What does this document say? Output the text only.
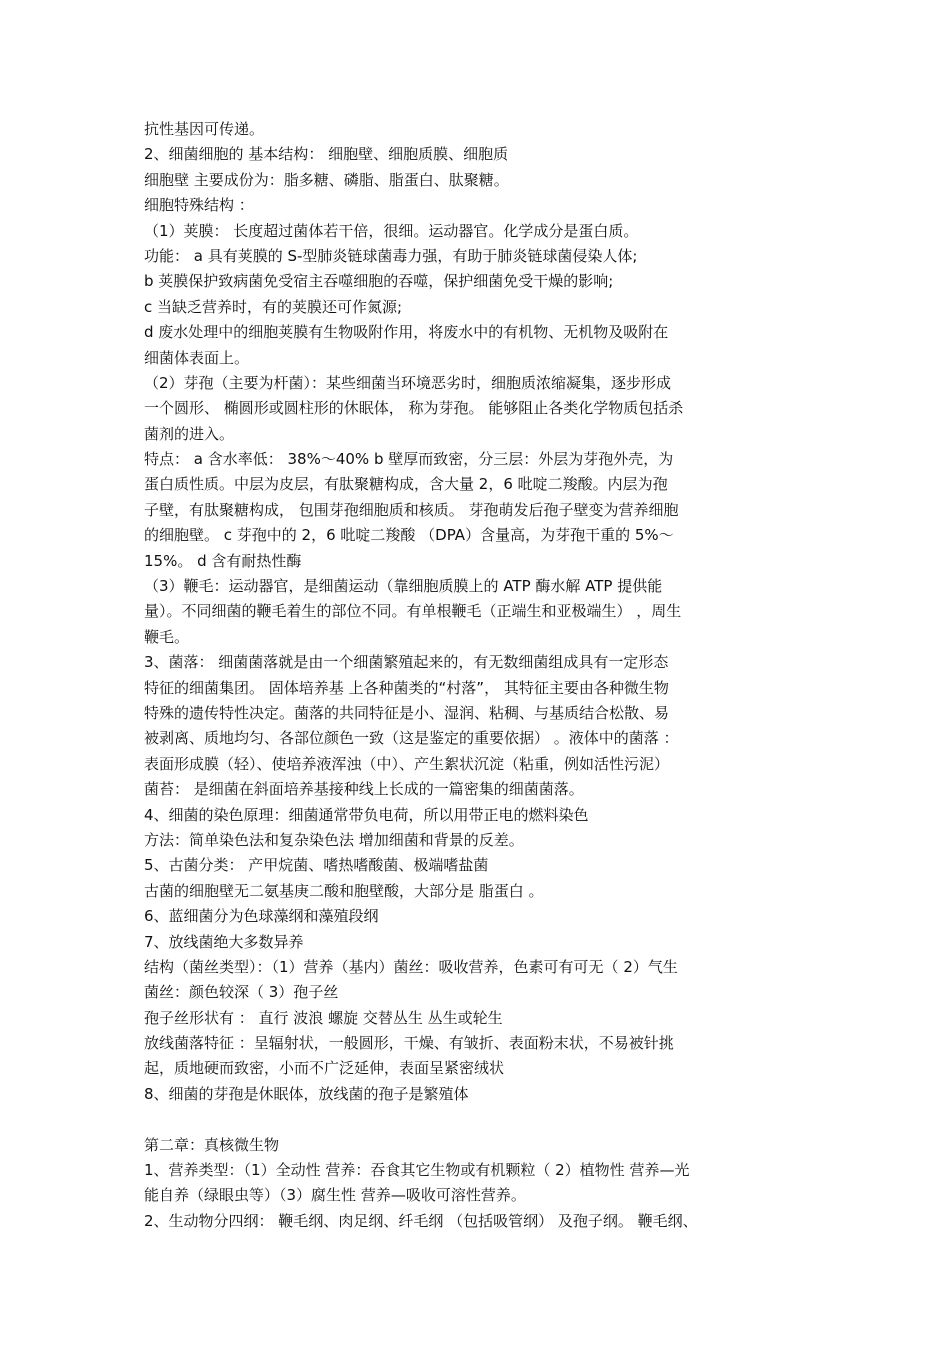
抗性基因可传递。
2、细菌细胞的 基本结构： 细胞壁、细胞质膜、细胞质
细胞壁 主要成份为：脂多糖、磷脂、脂蛋白、肽聚糖。
细胞特殊结构 ：
（1）荚膜： 长度超过菌体若干倍，很细。运动器官。化学成分是蛋白质。
功能： a 具有荚膜的 S-型肺炎链球菌毒力强，有助于肺炎链球菌侵染人体;
b 荚膜保护致病菌免受宿主吞噬细胞的吞噬，保护细菌免受干燥的影响;
c 当缺乏营养时，有的荚膜还可作氮源;
d 废水处理中的细胞荚膜有生物吸附作用，将废水中的有机物、无机物及吸附在
细菌体表面上。
（2）芽孢（主要为杆菌）：某些细菌当环境恶劣时，细胞质浓缩凝集，逐步形成
一个圆形、 椭圆形或圆柱形的休眠体， 称为芽孢。 能够阻止各类化学物质包括杀
菌剂的进入。
特点： a 含水率低： 38%～40% b 壁厚而致密，分三层：外层为芽孢外壳，为
蛋白质性质。中层为皮层，有肽聚糖构成，含大量 2，6 吡啶二羧酸。内层为孢
子壁，有肽聚糖构成， 包围芽孢细胞质和核质。 芽孢萌发后孢子壁变为营养细胞
的细胞壁。 c 芽孢中的 2，6 吡啶二羧酸 （DPA）含量高，为芽孢干重的 5%～
15%。 d 含有耐热性酶
（3）鞭毛：运动器官，是细菌运动（靠细胞质膜上的 ATP 酶水解 ATP 提供能
量）。不同细菌的鞭毛着生的部位不同。有单根鞭毛（正端生和亚极端生） ，周生
鞭毛。
3、菌落： 细菌菌落就是由一个细菌繁殖起来的，有无数细菌组成具有一定形态
特征的细菌集团。 固体培养基 上各种菌类的“村落”， 其特征主要由各种微生物
特殊的遗传特性决定。菌落的共同特征是小、湿润、粘稠、与基质结合松散、易
被剥离、质地均匀、各部位颜色一致（这是鉴定的重要依据） 。液体中的菌落 ：
表面形成膜（轻）、使培养液浑浊（中）、产生絮状沉淀（粘重，例如活性污泥）
菌苔： 是细菌在斜面培养基接种线上长成的一篇密集的细菌菌落。
4、细菌的染色原理：细菌通常带负电荷，所以用带正电的燃料染色
方法：简单染色法和复杂染色法 增加细菌和背景的反差。
5、古菌分类： 产甲烷菌、嗜热嗜酸菌、极端嗜盐菌
古菌的细胞壁无二氨基庚二酸和胞壁酸，大部分是 脂蛋白 。
6、蓝细菌分为色球藻纲和藻殖段纲
7、放线菌绝大多数异养
结构（菌丝类型）：（1）营养（基内）菌丝：吸收营养，色素可有可无（ 2）气生
菌丝：颜色较深（ 3）孢子丝
孢子丝形状有 ： 直行 波浪 螺旋 交替丛生 丛生或轮生
放线菌落特征 ：呈辐射状，一般圆形，干燥、有皱折、表面粉末状，不易被针挑
起，质地硬而致密，小而不广泛延伸，表面呈紧密绒状
8、细菌的芽孢是休眠体，放线菌的孢子是繁殖体
第二章：真核微生物
1、营养类型：（1）全动性 营养：吞食其它生物或有机颗粒（ 2）植物性 营养—光
能自养（绿眼虫等）（3）腐生性 营养—吸收可溶性营养。
2、生动物分四纲： 鞭毛纲、肉足纲、纤毛纲 （包括吸管纲） 及孢子纲。 鞭毛纲、
